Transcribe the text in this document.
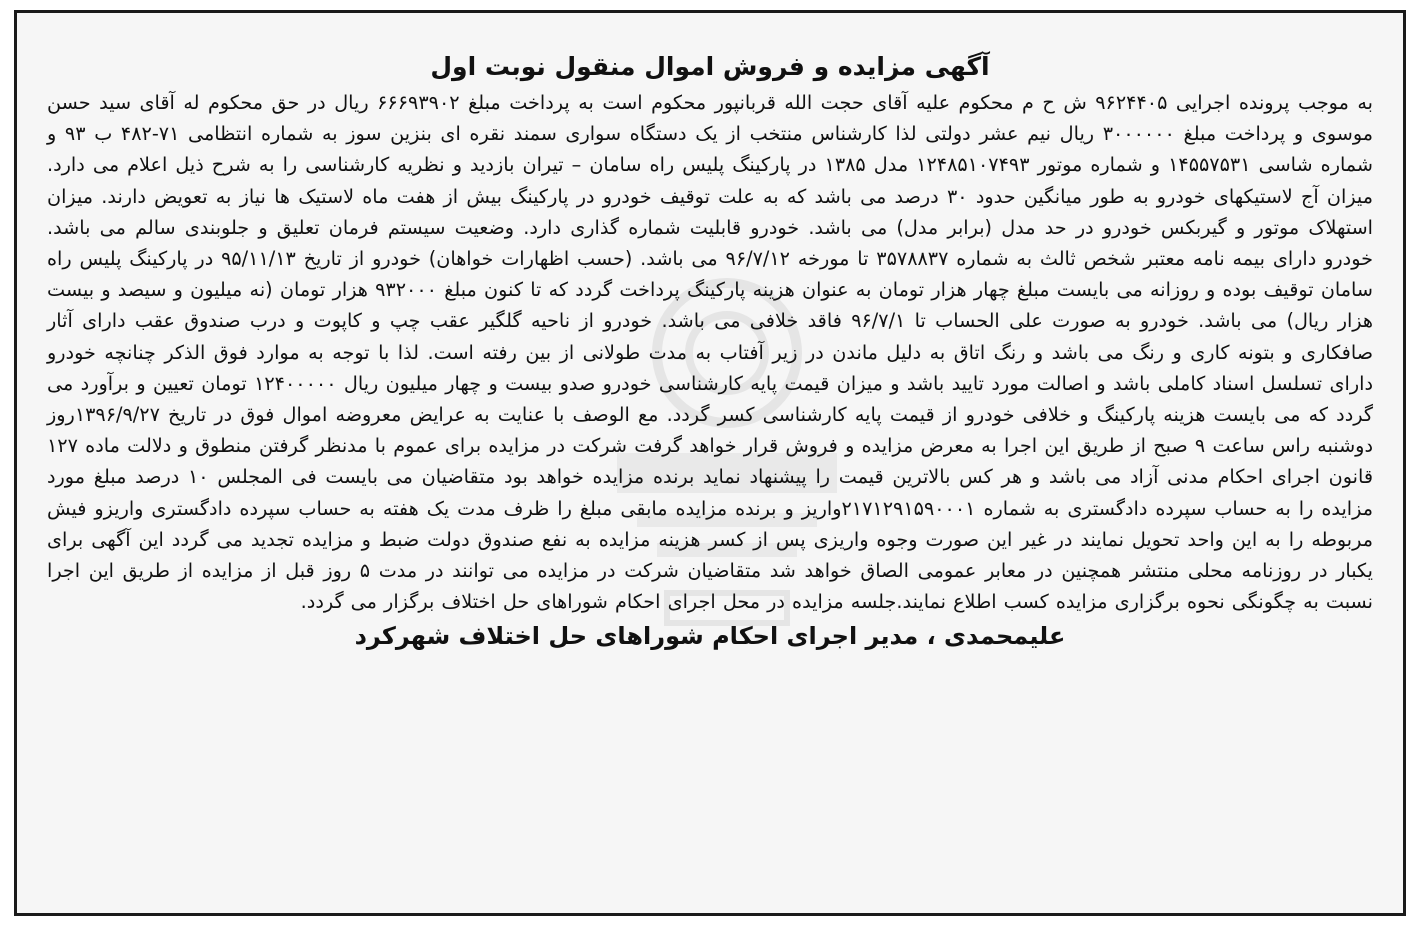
آگهی مزایده و فروش اموال منقول نوبت اول

به موجب پرونده اجرایی ۹۶۲۴۴۰۵ ش ح م محکوم علیه آقای حجت الله قربانپور محکوم است به پرداخت مبلغ ۶۶۶۹۳۹۰۲ ریال در حق محکوم له آقای سید حسن موسوی و پرداخت مبلغ ۳۰۰۰۰۰۰ ریال نیم عشر دولتی لذا کارشناس منتخب از یک دستگاه سواری سمند نقره ای بنزین سوز به شماره انتظامی ۷۱-۴۸۲ ب ۹۳ و شماره شاسی ۱۴۵۵۷۵۳۱ و شماره موتور ۱۲۴۸۵۱۰۷۴۹۳ مدل ۱۳۸۵ در پارکینگ پلیس راه سامان – تیران بازدید و نظریه کارشناسی را به شرح ذیل اعلام می دارد. میزان آج لاستیکهای خودرو به طور میانگین حدود ۳۰ درصد می باشد که به علت توقیف خودرو در پارکینگ بیش از هفت ماه لاستیک ها نیاز به تعویض دارند. میزان استهلاک موتور و گیربکس خودرو در حد مدل (برابر مدل) می باشد. خودرو قابلیت شماره گذاری دارد. وضعیت سیستم فرمان تعلیق و جلوبندی سالم می باشد. خودرو دارای بیمه نامه معتبر شخص ثالث به شماره ۳۵۷۸۸۳۷ تا مورخه ۹۶/۷/۱۲ می باشد. (حسب اظهارات خواهان) خودرو از تاریخ ۹۵/۱۱/۱۳ در پارکینگ پلیس راه سامان توقیف بوده و روزانه می بایست مبلغ چهار هزار تومان به عنوان هزینه پارکینگ پرداخت گردد که تا کنون مبلغ ۹۳۲۰۰۰ هزار تومان (نه میلیون و سیصد و بیست هزار ریال) می باشد. خودرو به صورت علی الحساب تا ۹۶/۷/۱ فاقد خلافی می باشد. خودرو از ناحیه گلگیر عقب چپ و کاپوت و درب صندوق عقب دارای آثار صافکاری و بتونه کاری و رنگ می باشد و رنگ اتاق به دلیل ماندن در زیر آفتاب به مدت طولانی از بین رفته است. لذا با توجه به موارد فوق الذکر چنانچه خودرو دارای تسلسل اسناد کاملی باشد و اصالت مورد تایید باشد و میزان قیمت پایه کارشناسی خودرو صدو بیست و چهار میلیون ریال ۱۲۴۰۰۰۰۰ تومان تعیین و برآورد می گردد که می بایست هزینه پارکینگ و خلافی خودرو از قیمت پایه کارشناسی کسر گردد. مع الوصف با عنایت به عرایض معروضه اموال فوق در تاریخ ۱۳۹۶/۹/۲۷روز دوشنبه راس ساعت ۹ صبح از طریق این اجرا به معرض مزایده و فروش قرار خواهد گرفت شرکت در مزایده برای عموم با مدنظر گرفتن منطوق و دلالت ماده ۱۲۷ قانون اجرای احکام مدنی آزاد می باشد و هر کس بالاترین قیمت را پیشنهاد نماید برنده مزایده خواهد بود متقاضیان می بایست فی المجلس ۱۰ درصد مبلغ مورد مزایده را به حساب سپرده دادگستری به شماره ۲۱۷۱۲۹۱۵۹۰۰۰۱واریز و برنده مزایده مابقی مبلغ را ظرف مدت یک هفته به حساب سپرده دادگستری واریزو فیش مربوطه را به این واحد تحویل نمایند در غیر این صورت وجوه واریزی پس از کسر هزینه مزایده به نفع صندوق دولت ضبط و مزایده تجدید می گردد این آگهی برای یکبار در روزنامه محلی منتشر همچنین در معابر عمومی الصاق خواهد شد متقاضیان شرکت در مزایده می توانند در مدت ۵ روز قبل از مزایده از طریق این اجرا نسبت به چگونگی نحوه برگزاری مزایده کسب اطلاع نمایند.جلسه مزایده در محل اجرای احکام شوراهای حل اختلاف برگزار می گردد.

علیمحمدی ، مدیر اجرای احکام شوراهای حل اختلاف شهرکرد
